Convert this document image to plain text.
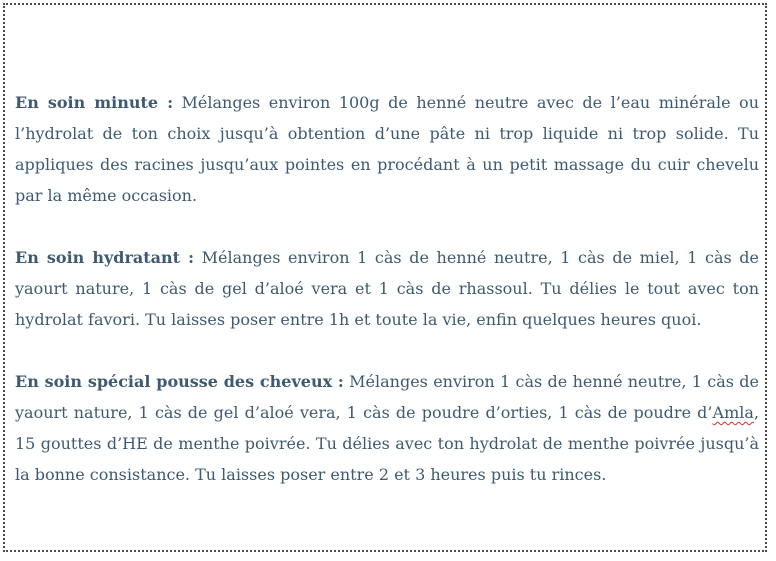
En soin minute : Mélanges environ 100g de henné neutre avec de l’eau minérale ou l’hydrolat de ton choix jusqu’à obtention d’une pâte ni trop liquide ni trop solide. Tu appliques des racines jusqu’aux pointes en procédant à un petit massage du cuir chevelu par la même occasion.

En soin hydratant : Mélanges environ 1 càs de henné neutre, 1 càs de miel, 1 càs de yaourt nature, 1 càs de gel d’aloé vera et 1 càs de rhassoul. Tu délies le tout avec ton hydrolat favori. Tu laisses poser entre 1h et toute la vie, enfin quelques heures quoi.

En soin spécial pousse des cheveux : Mélanges environ 1 càs de henné neutre, 1 càs de yaourt nature, 1 càs de gel d’aloé vera, 1 càs de poudre d’orties, 1 càs de poudre d’Amla, 15 gouttes d’HE de menthe poivrée. Tu délies avec ton hydrolat de menthe poivrée jusqu’à la bonne consistance. Tu laisses poser entre 2 et 3 heures puis tu rinces.
